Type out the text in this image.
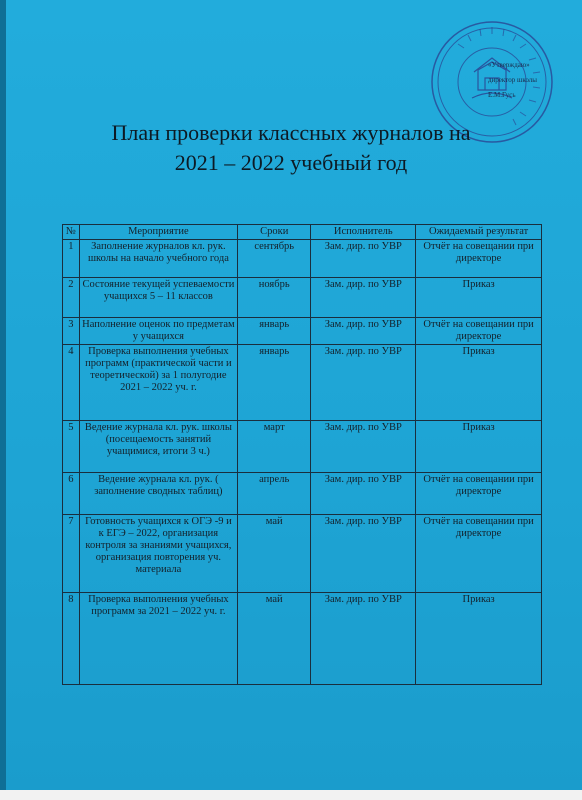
«Утверждаю»
директор школы
Е.М.Гусь
План проверки классных журналов на
2021 – 2022 учебный год
№	Мероприятие	Сроки	Исполнитель	Ожидаемый результат
1	Заполнение журналов кл. рук. школы на начало учебного года	сентябрь	Зам. дир. по УВР	Отчёт на совещании при директоре
2	Состояние текущей успеваемости учащихся 5 – 11 классов	ноябрь	Зам. дир. по УВР	Приказ
3	Наполнение оценок по предметам у учащихся	январь	Зам. дир. по УВР	Отчёт на совещании при директоре
4	Проверка выполнения учебных программ (практической части и теоретической) за 1 полугодие 2021 – 2022 уч. г.	январь	Зам. дир. по УВР	Приказ
5	Ведение журнала кл. рук. школы (посещаемость занятий учащимися, итоги 3 ч.)	март	Зам. дир. по УВР	Приказ
6	Ведение журнала кл. рук. ( заполнение сводных таблиц)	апрель	Зам. дир. по УВР	Отчёт на совещании при директоре
7	Готовность учащихся к ОГЭ -9 и к ЕГЭ – 2022, организация контроля за знаниями учащихся, организация повторения уч. материала	май	Зам. дир. по УВР	Отчёт на совещании при директоре
8	Проверка выполнения учебных программ за 2021 – 2022 уч. г.	май	Зам. дир. по УВР	Приказ
